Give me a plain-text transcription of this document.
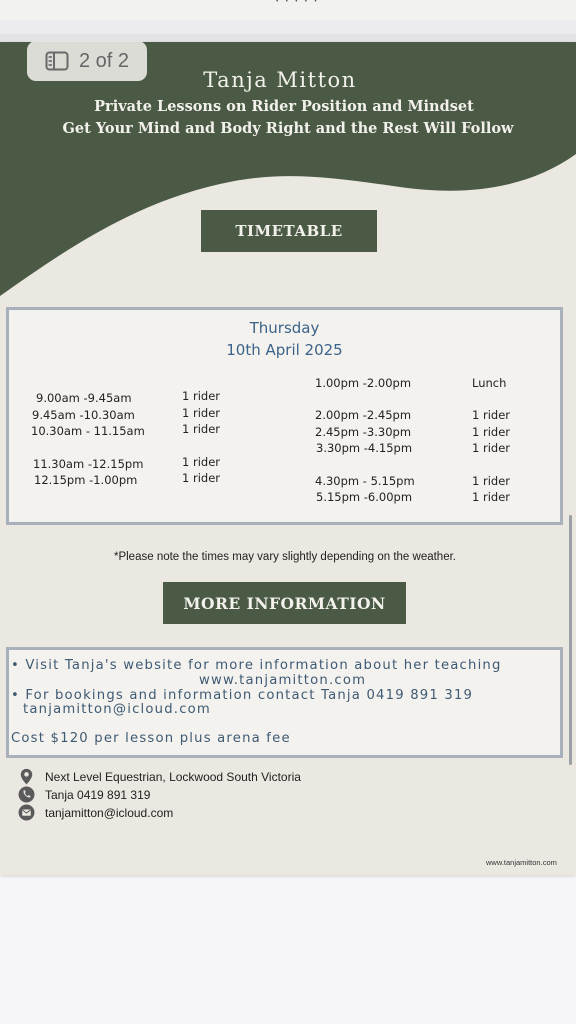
· · · · ·
2 of 2
Tanja Mitton
Private Lessons on Rider Position and Mindset
Get Your Mind and Body Right and the Rest Will Follow
TIMETABLE
Thursday
10th April 2025
9.00am -9.45am	1 rider
9.45am -10.30am	1 rider
10.30am - 11.15am	1 rider
11.30am -12.15pm	1 rider
12.15pm -1.00pm	1 rider
1.00pm -2.00pm	Lunch
2.00pm -2.45pm	1 rider
2.45pm -3.30pm	1 rider
3.30pm -4.15pm	1 rider
4.30pm - 5.15pm	1 rider
5.15pm -6.00pm	1 rider
*Please note the times may vary slightly depending on the weather.
MORE INFORMATION
• Visit Tanja's website for more information about her teaching
www.tanjamitton.com
• For bookings and information contact Tanja 0419 891 319
tanjamitton@icloud.com
Cost $120 per lesson plus arena fee
Next Level Equestrian, Lockwood South Victoria
Tanja 0419 891 319
tanjamitton@icloud.com
www.tanjamitton.com
